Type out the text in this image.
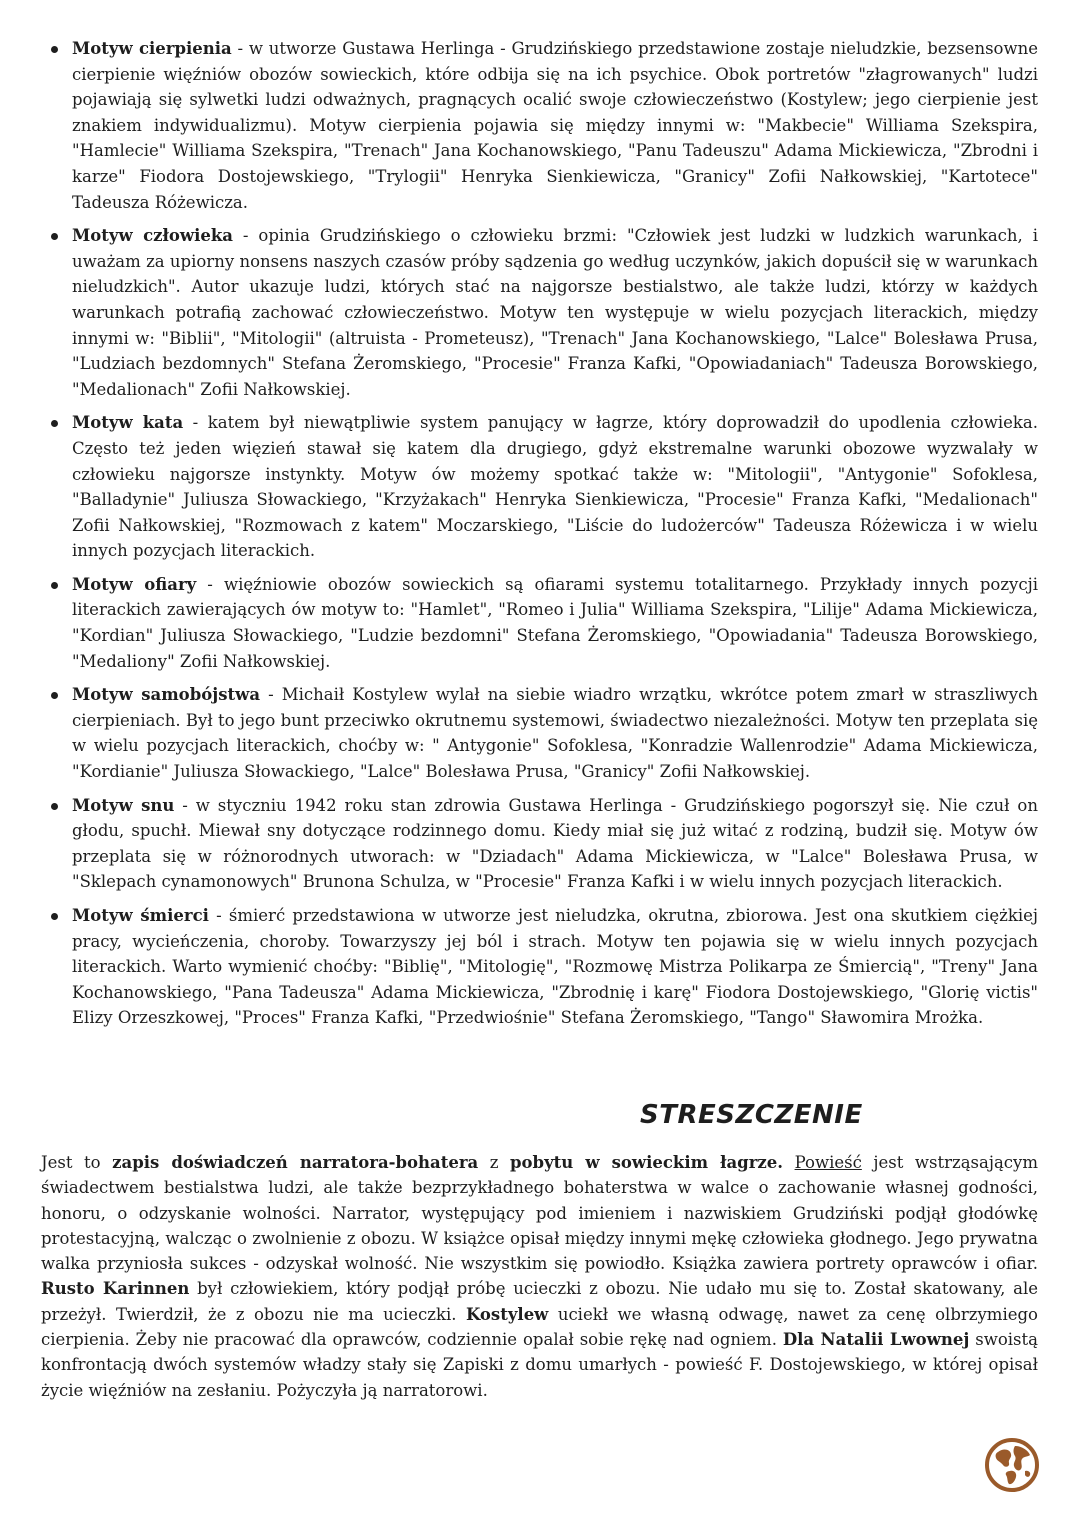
Motyw cierpienia - w utworze Gustawa Herlinga - Grudzińskiego przedstawione zostaje nieludzkie, bezsensowne cierpienie więźniów obozów sowieckich, które odbija się na ich psychice. Obok portretów "złagrowanych" ludzi pojawiają się sylwetki ludzi odważnych, pragnących ocalić swoje człowieczeństwo (Kostylew; jego cierpienie jest znakiem indywidualizmu). Motyw cierpienia pojawia się między innymi w: "Makbecie" Williama Szekspira, "Hamlecie" Williama Szekspira, "Trenach" Jana Kochanowskiego, "Panu Tadeuszu" Adama Mickiewicza, "Zbrodni i karze" Fiodora Dostojewskiego, "Trylogii" Henryka Sienkiewicza, "Granicy" Zofii Nałkowskiej, "Kartotece" Tadeusza Różewicza.
Motyw człowieka - opinia Grudzińskiego o człowieku brzmi: "Człowiek jest ludzki w ludzkich warunkach, i uważam za upiorny nonsens naszych czasów próby sądzenia go według uczynków, jakich dopuścił się w warunkach nieludzkich". Autor ukazuje ludzi, których stać na najgorsze bestialstwo, ale także ludzi, którzy w każdych warunkach potrafią zachować człowieczeństwo. Motyw ten występuje w wielu pozycjach literackich, między innymi w: "Biblii", "Mitologii" (altruista - Prometeusz), "Trenach" Jana Kochanowskiego, "Lalce" Bolesława Prusa, "Ludziach bezdomnych" Stefana Żeromskiego, "Procesie" Franza Kafki, "Opowiadaniach" Tadeusza Borowskiego, "Medalionach" Zofii Nałkowskiej.
Motyw kata - katem był niewątpliwie system panujący w łagrze, który doprowadził do upodlenia człowieka. Często też jeden więzień stawał się katem dla drugiego, gdyż ekstremalne warunki obozowe wyzwalały w człowieku najgorsze instynkty. Motyw ów możemy spotkać także w: "Mitologii", "Antygonie" Sofoklesa, "Balladynie" Juliusza Słowackiego, "Krzyżakach" Henryka Sienkiewicza, "Procesie" Franza Kafki, "Medalionach" Zofii Nałkowskiej, "Rozmowach z katem" Moczarskiego, "Liście do ludożerców" Tadeusza Różewicza i w wielu innych pozycjach literackich.
Motyw ofiary - więźniowie obozów sowieckich są ofiarami systemu totalitarnego. Przykłady innych pozycji literackich zawierających ów motyw to: "Hamlet", "Romeo i Julia" Williama Szekspira, "Lilije" Adama Mickiewicza, "Kordian" Juliusza Słowackiego, "Ludzie bezdomni" Stefana Żeromskiego, "Opowiadania" Tadeusza Borowskiego, "Medaliony" Zofii Nałkowskiej.
Motyw samobójstwa - Michaił Kostylew wylał na siebie wiadro wrzątku, wkrótce potem zmarł w straszliwych cierpieniach. Był to jego bunt przeciwko okrutnemu systemowi, świadectwo niezależności. Motyw ten przeplata się w wielu pozycjach literackich, choćby w: " Antygonie" Sofoklesa, "Konradzie Wallenrodzie" Adama Mickiewicza, "Kordianie" Juliusza Słowackiego, "Lalce" Bolesława Prusa, "Granicy" Zofii Nałkowskiej.
Motyw snu - w styczniu 1942 roku stan zdrowia Gustawa Herlinga - Grudzińskiego pogorszył się. Nie czuł on głodu, spuchł. Miewał sny dotyczące rodzinnego domu. Kiedy miał się już witać z rodziną, budził się. Motyw ów przeplata się w różnorodnych utworach: w "Dziadach" Adama Mickiewicza, w "Lalce" Bolesława Prusa, w "Sklepach cynamonowych" Brunona Schulza, w "Procesie" Franza Kafki i w wielu innych pozycjach literackich.
Motyw śmierci - śmierć przedstawiona w utworze jest nieludzka, okrutna, zbiorowa. Jest ona skutkiem ciężkiej pracy, wycieńczenia, choroby. Towarzyszy jej ból i strach. Motyw ten pojawia się w wielu innych pozycjach literackich. Warto wymienić choćby: "Biblię", "Mitologię", "Rozmowę Mistrza Polikarpa ze Śmiercią", "Treny" Jana Kochanowskiego, "Pana Tadeusza" Adama Mickiewicza, "Zbrodnię i karę" Fiodora Dostojewskiego, "Glorię victis" Elizy Orzeszkowej, "Proces" Franza Kafki, "Przedwiośnie" Stefana Żeromskiego, "Tango" Sławomira Mrożka.
STRESZCZENIE

Jest to zapis doświadczeń narratora-bohatera z pobytu w sowieckim łagrze. Powieść jest wstrząsającym świadectwem bestialstwa ludzi, ale także bezprzykładnego bohaterstwa w walce o zachowanie własnej godności, honoru, o odzyskanie wolności. Narrator, występujący pod imieniem i nazwiskiem Grudziński podjął głodówkę protestacyjną, walcząc o zwolnienie z obozu. W książce opisał między innymi mękę człowieka głodnego. Jego prywatna walka przyniosła sukces - odzyskał wolność. Nie wszystkim się powiodło. Książka zawiera portrety oprawców i ofiar. Rusto Karinnen był człowiekiem, który podjął próbę ucieczki z obozu. Nie udało mu się to. Został skatowany, ale przeżył. Twierdził, że z obozu nie ma ucieczki. Kostylew uciekł we własną odwagę, nawet za cenę olbrzymiego cierpienia. Żeby nie pracować dla oprawców, codziennie opalał sobie rękę nad ogniem. Dla Natalii Lwownej swoistą konfrontacją dwóch systemów władzy stały się Zapiski z domu umarłych - powieść F. Dostojewskiego, w której opisał życie więźniów na zesłaniu. Pożyczyła ją narratorowi.
